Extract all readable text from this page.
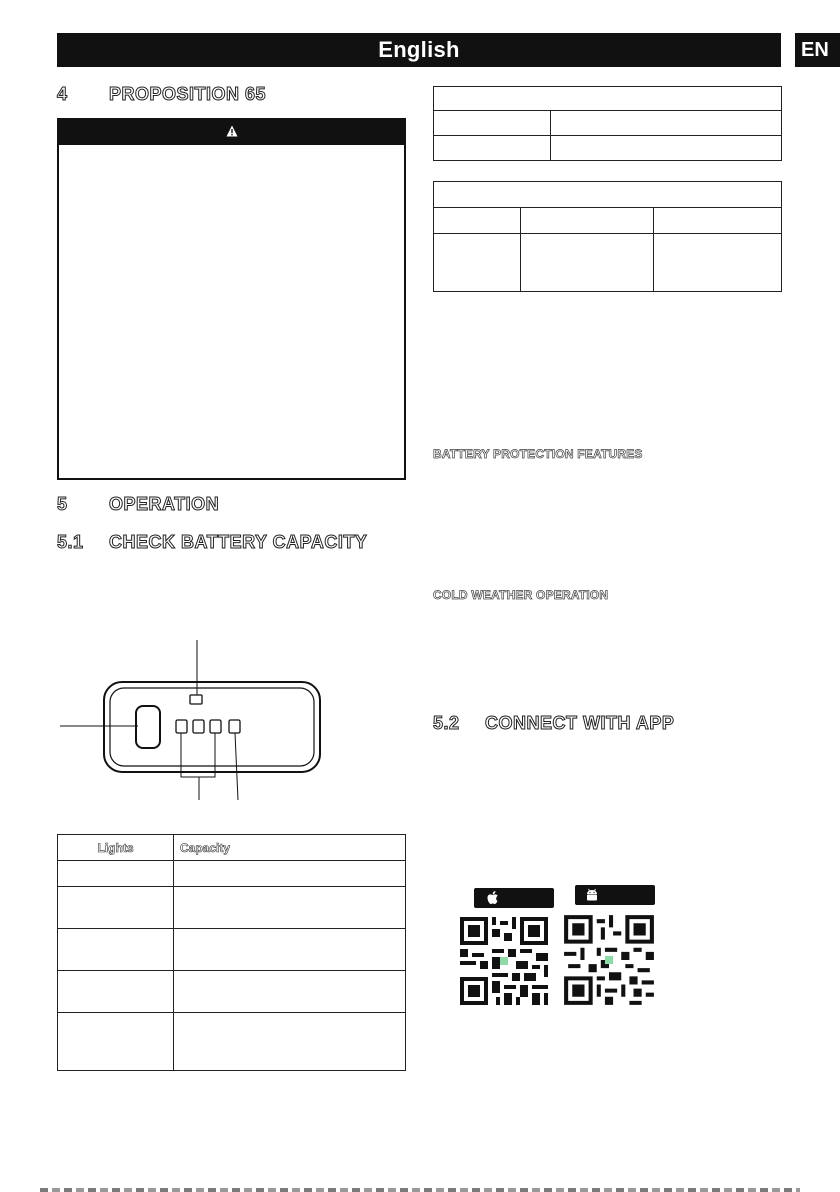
English	EN
4 PROPOSITION 65
5 OPERATION
5.1 CHECK BATTERY CAPACITY
Lights	Capacity

BATTERY PROTECTION FEATURES
COLD WEATHER OPERATION
5.2 CONNECT WITH APP
